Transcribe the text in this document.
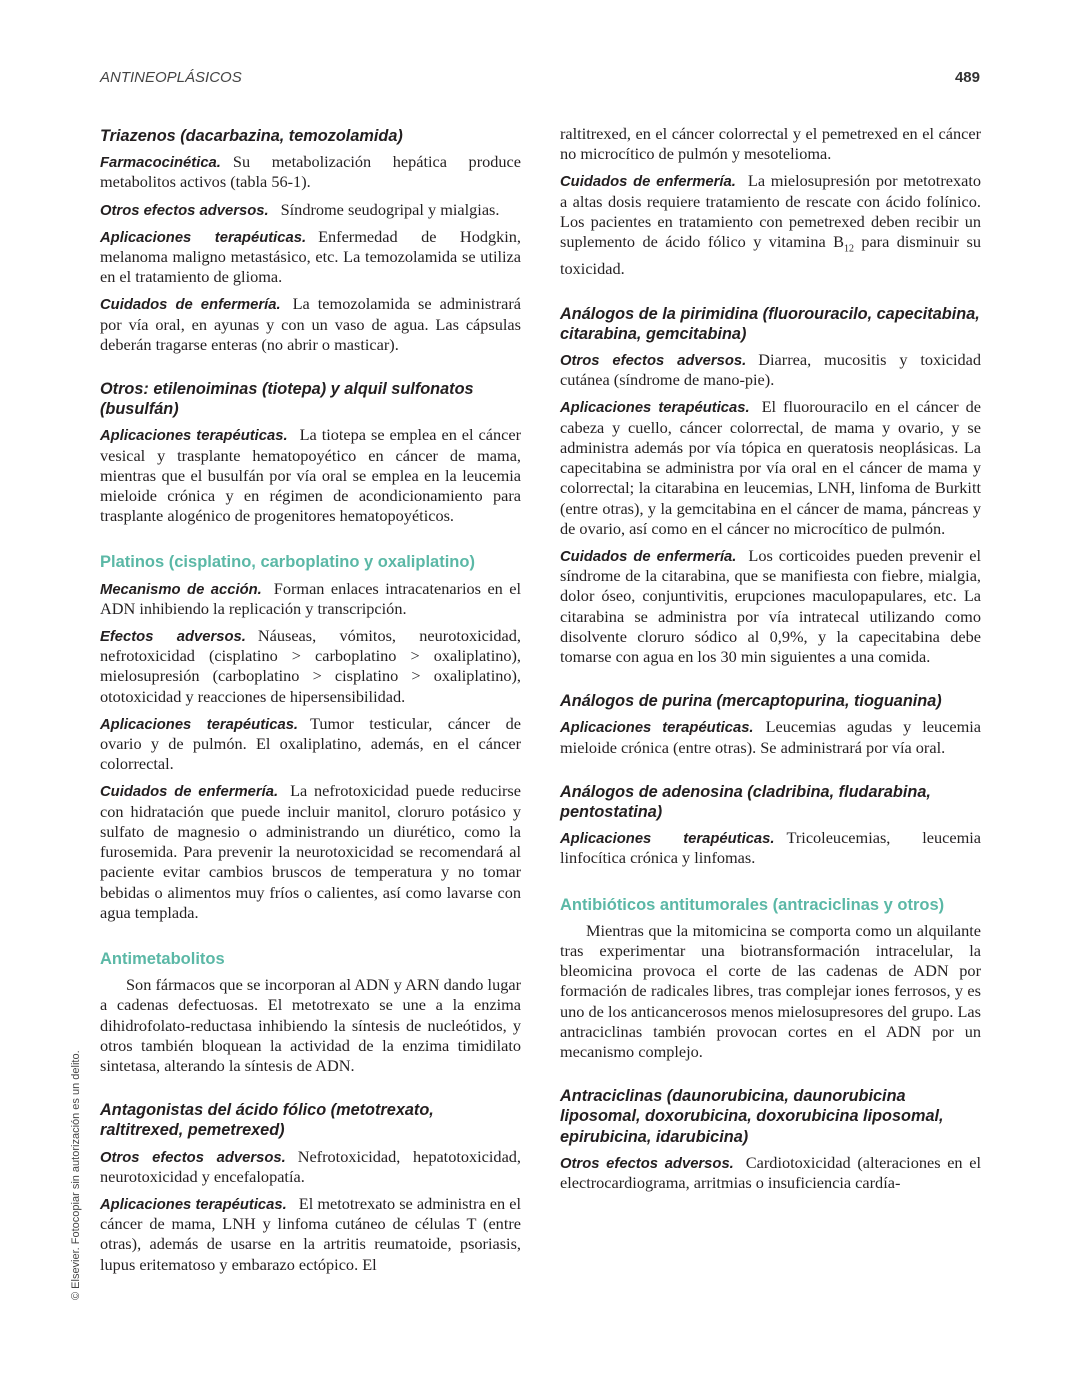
ANTINEOPLÁSICOS	489
© Elsevier. Fotocopiar sin autorización es un delito.
Triazenos (dacarbazina, temozolamida)

Farmacocinética. Su metabolización hepática produce metabolitos activos (tabla 56-1).

Otros efectos adversos. Síndrome seudogripal y mialgias.

Aplicaciones terapéuticas. Enfermedad de Hodgkin, melanoma maligno metastásico, etc. La temozolamida se utiliza en el tratamiento de glioma.

Cuidados de enfermería. La temozolamida se administrará por vía oral, en ayunas y con un vaso de agua. Las cápsulas deberán tragarse enteras (no abrir o masticar).

Otros: etilenoiminas (tiotepa) y alquil sulfonatos (busulfán)

Aplicaciones terapéuticas. La tiotepa se emplea en el cáncer vesical y trasplante hematopoyético en cáncer de mama, mientras que el busulfán por vía oral se emplea en la leucemia mieloide crónica y en régimen de acondicionamiento para trasplante alogénico de progenitores hematopoyéticos.

Platinos (cisplatino, carboplatino y oxaliplatino)

Mecanismo de acción. Forman enlaces intracatenarios en el ADN inhibiendo la replicación y transcripción.

Efectos adversos. Náuseas, vómitos, neurotoxicidad, nefrotoxicidad (cisplatino > carboplatino > oxaliplatino), mielosupresión (carboplatino > cisplatino > oxaliplatino), ototoxicidad y reacciones de hipersensibilidad.

Aplicaciones terapéuticas. Tumor testicular, cáncer de ovario y de pulmón. El oxaliplatino, además, en el cáncer colorrectal.

Cuidados de enfermería. La nefrotoxicidad puede reducirse con hidratación que puede incluir manitol, cloruro potásico y sulfato de magnesio o administrando un diurético, como la furosemida. Para prevenir la neurotoxicidad se recomendará al paciente evitar cambios bruscos de temperatura y no tomar bebidas o alimentos muy fríos o calientes, así como lavarse con agua templada.

Antimetabolitos

Son fármacos que se incorporan al ADN y ARN dando lugar a cadenas defectuosas. El metotrexato se une a la enzima dihidrofolato-reductasa inhibiendo la síntesis de nucleótidos, y otros también bloquean la actividad de la enzima timidilato sintetasa, alterando la síntesis de ADN.

Antagonistas del ácido fólico (metotrexato, raltitrexed, pemetrexed)

Otros efectos adversos. Nefrotoxicidad, hepatotoxicidad, neurotoxicidad y encefalopatía.

Aplicaciones terapéuticas. El metotrexato se administra en el cáncer de mama, LNH y linfoma cutáneo de células T (entre otras), además de usarse en la artritis reumatoide, psoriasis, lupus eritematoso y embarazo ectópico. El

raltitrexed, en el cáncer colorrectal y el pemetrexed en el cáncer no microcítico de pulmón y mesotelioma.

Cuidados de enfermería. La mielosupresión por metotrexato a altas dosis requiere tratamiento de rescate con ácido folínico. Los pacientes en tratamiento con pemetrexed deben recibir un suplemento de ácido fólico y vitamina $B_{12}$ para disminuir su toxicidad.

Análogos de la pirimidina (fluorouracilo, capecitabina, citarabina, gemcitabina)

Otros efectos adversos. Diarrea, mucositis y toxicidad cutánea (síndrome de mano-pie).

Aplicaciones terapéuticas. El fluorouracilo en el cáncer de cabeza y cuello, cáncer colorrectal, de mama y ovario, y se administra además por vía tópica en queratosis neoplásicas. La capecitabina se administra por vía oral en el cáncer de mama y colorrectal; la citarabina en leucemias, LNH, linfoma de Burkitt (entre otras), y la gemcitabina en el cáncer de mama, páncreas y de ovario, así como en el cáncer no microcítico de pulmón.

Cuidados de enfermería. Los corticoides pueden prevenir el síndrome de la citarabina, que se manifiesta con fiebre, mialgia, dolor óseo, conjuntivitis, erupciones maculopapulares, etc. La citarabina se administra por vía intratecal utilizando como disolvente cloruro sódico al 0,9%, y la capecitabina debe tomarse con agua en los 30 min siguientes a una comida.

Análogos de purina (mercaptopurina, tioguanina)

Aplicaciones terapéuticas. Leucemias agudas y leucemia mieloide crónica (entre otras). Se administrará por vía oral.

Análogos de adenosina (cladribina, fludarabina, pentostatina)

Aplicaciones terapéuticas. Tricoleucemias, leucemia linfocítica crónica y linfomas.

Antibióticos antitumorales (antraciclinas y otros)

Mientras que la mitomicina se comporta como un alquilante tras experimentar una biotransformación intracelular, la bleomicina provoca el corte de las cadenas de ADN por formación de radicales libres, tras complejar iones ferrosos, y es uno de los anticancerosos menos mielosupresores del grupo. Las antraciclinas también provocan cortes en el ADN por un mecanismo complejo.

Antraciclinas (daunorubicina, daunorubicina liposomal, doxorubicina, doxorubicina liposomal, epirubicina, idarubicina)

Otros efectos adversos. Cardiotoxicidad (alteraciones en el electrocardiograma, arritmias o insuficiencia cardía-
